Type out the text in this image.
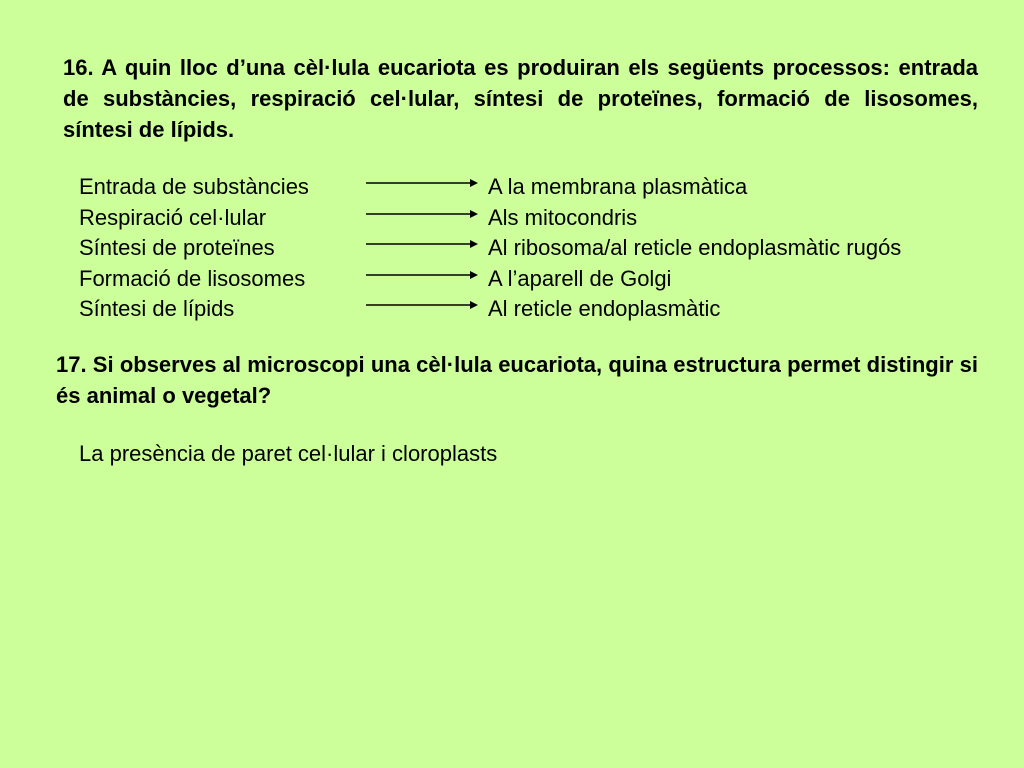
16. A quin lloc d’una cèl·lula eucariota es produiran els següents processos: entrada de substàncies, respiració cel·lular, síntesi de proteïnes, formació de lisosomes, síntesi de lípids.

Entrada de substàncies	A la membrana plasmàtica
Respiració cel·lular	Als mitocondris
Síntesi de proteïnes	Al ribosoma/al reticle endoplasmàtic rugós
Formació de lisosomes	A l’aparell de Golgi
Síntesi de lípids	Al reticle endoplasmàtic

17. Si observes al microscopi una cèl·lula eucariota, quina estructura permet distingir si és animal o vegetal?

La presència de paret cel·lular i cloroplasts
